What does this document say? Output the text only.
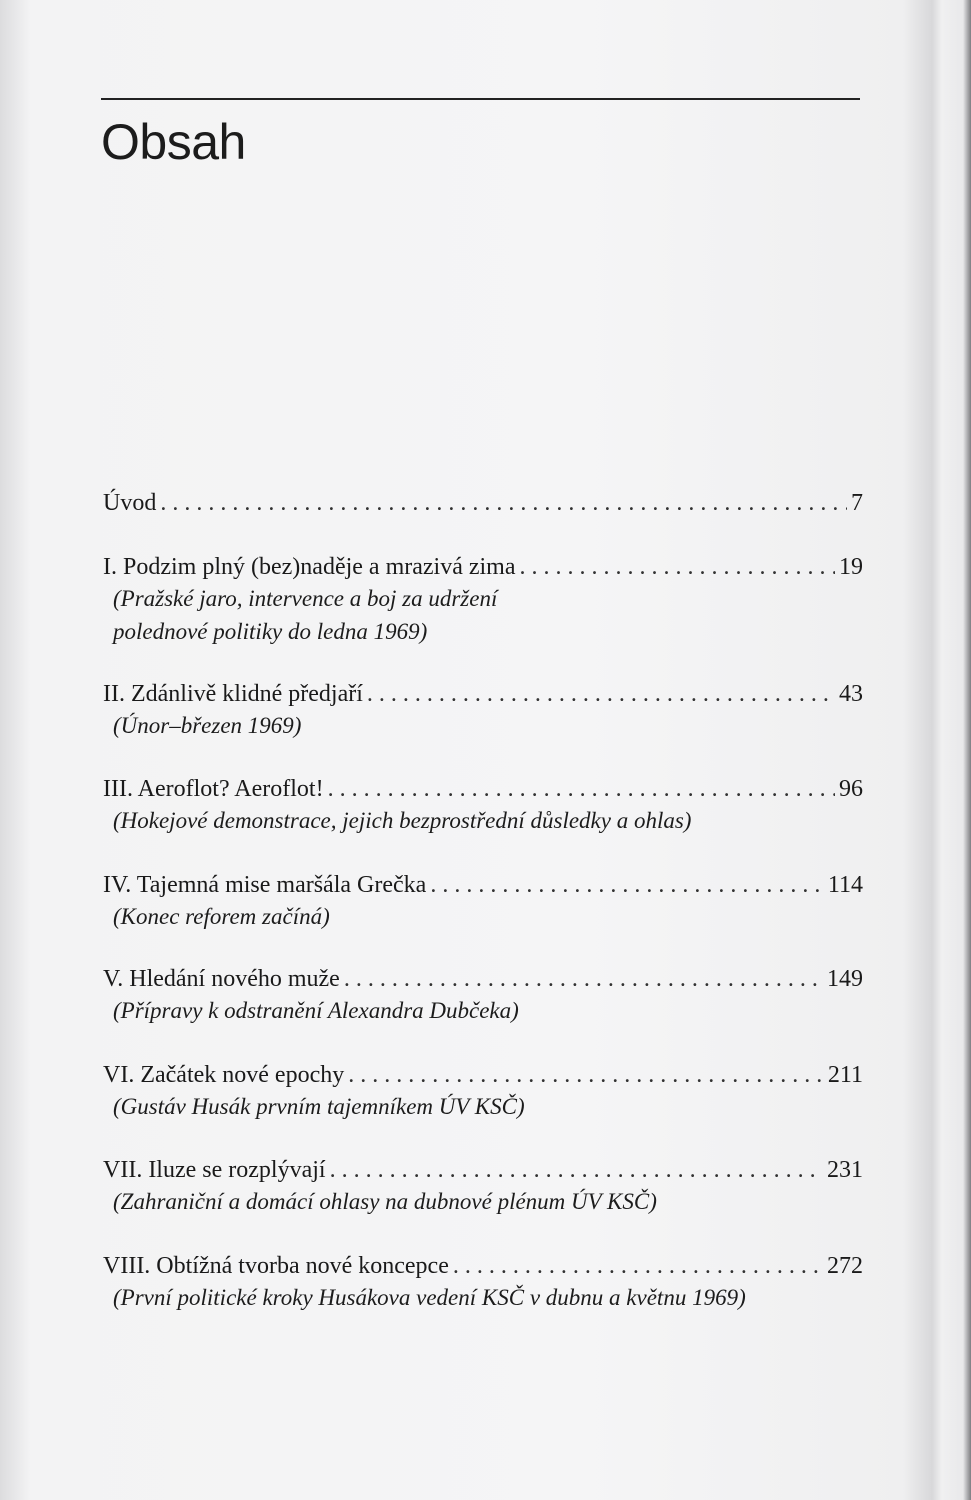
Obsah
Úvod . . .	7
I. Podzim plný (bez)naděje a mrazivá zima . . .	19
(Pražské jaro, intervence a boj za udržení
polednové politiky do ledna 1969)
II. Zdánlivě klidné předjaří . . .	43
(Únor–březen 1969)
III. Aeroflot? Aeroflot! . . .	96
(Hokejové demonstrace, jejich bezprostřední důsledky a ohlas)
IV. Tajemná mise maršála Grečka . . .	114
(Konec reforem začíná)
V. Hledání nového muže . . .	149
(Přípravy k odstranění Alexandra Dubčeka)
VI. Začátek nové epochy . . .	211
(Gustáv Husák prvním tajemníkem ÚV KSČ)
VII. Iluze se rozplývají . . .	231
(Zahraniční a domácí ohlasy na dubnové plénum ÚV KSČ)
VIII. Obtížná tvorba nové koncepce . . .	272
(První politické kroky Husákova vedení KSČ v dubnu a květnu 1969)
